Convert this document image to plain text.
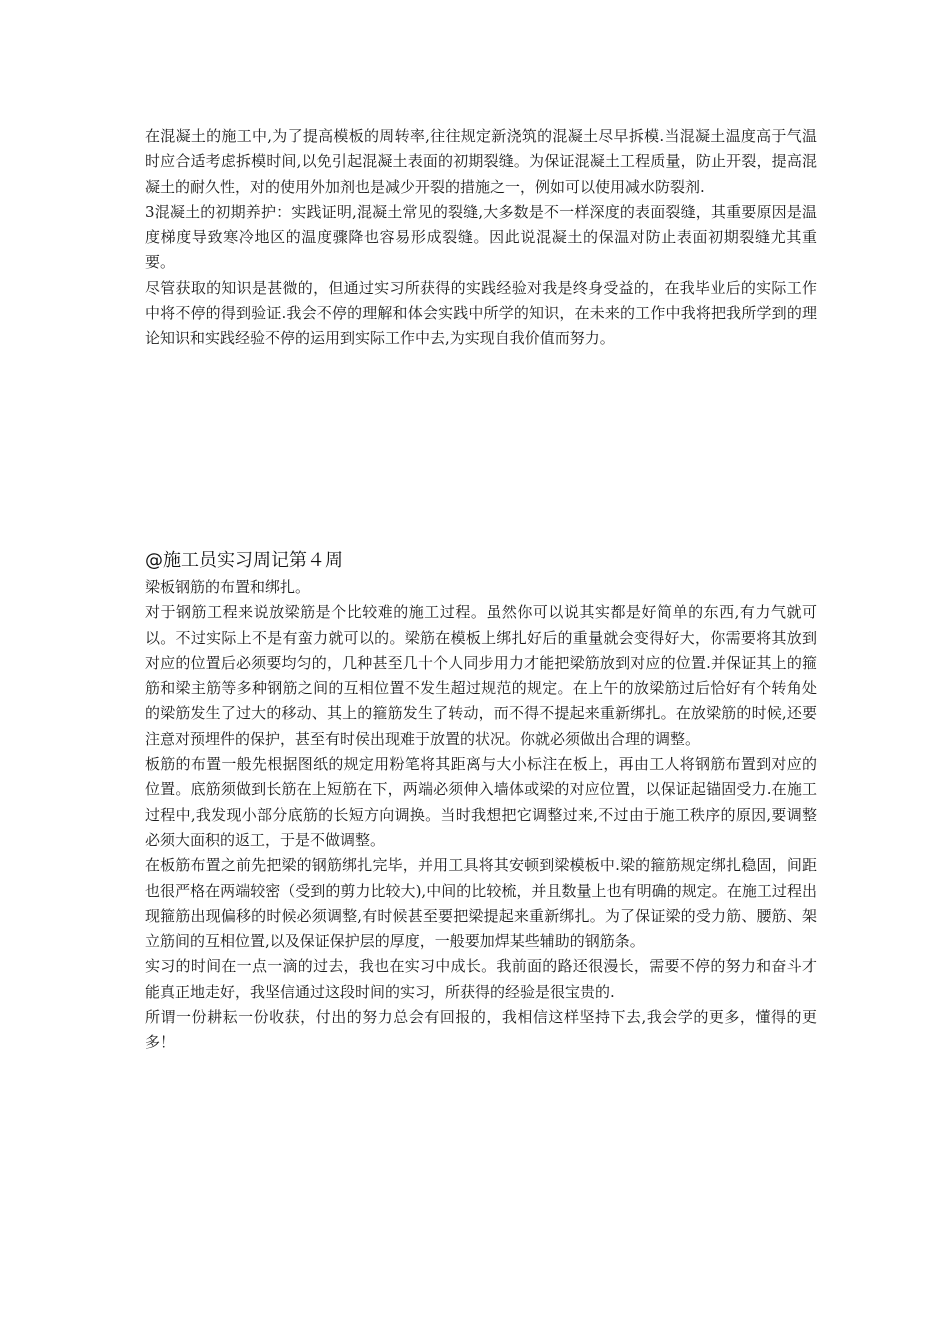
在混凝土的施工中,为了提高模板的周转率,往往规定新浇筑的混凝土尽早拆模.当混凝土温度高于气温时应合适考虑拆模时间,以免引起混凝土表面的初期裂缝。为保证混凝土工程质量，防止开裂，提高混凝土的耐久性，对的使用外加剂也是减少开裂的措施之一，例如可以使用减水防裂剂.

3混凝土的初期养护：实践证明,混凝土常见的裂缝,大多数是不一样深度的表面裂缝，其重要原因是温度梯度导致寒冷地区的温度骤降也容易形成裂缝。因此说混凝土的保温对防止表面初期裂缝尤其重要。

尽管获取的知识是甚微的，但通过实习所获得的实践经验对我是终身受益的，在我毕业后的实际工作中将不停的得到验证.我会不停的理解和体会实践中所学的知识，在未来的工作中我将把我所学到的理论知识和实践经验不停的运用到实际工作中去,为实现自我价值而努力。

@施工员实习周记第４周

梁板钢筋的布置和绑扎。

对于钢筋工程来说放梁筋是个比较难的施工过程。虽然你可以说其实都是好简单的东西,有力气就可以。不过实际上不是有蛮力就可以的。梁筋在模板上绑扎好后的重量就会变得好大，你需要将其放到对应的位置后必须要均匀的，几种甚至几十个人同步用力才能把梁筋放到对应的位置.并保证其上的箍筋和梁主筋等多种钢筋之间的互相位置不发生超过规范的规定。在上午的放梁筋过后恰好有个转角处的梁筋发生了过大的移动、其上的箍筋发生了转动，而不得不提起来重新绑扎。在放梁筋的时候,还要注意对预埋件的保护，甚至有时侯出现难于放置的状况。你就必须做出合理的调整。

板筋的布置一般先根据图纸的规定用粉笔将其距离与大小标注在板上，再由工人将钢筋布置到对应的位置。底筋须做到长筋在上短筋在下，两端必须伸入墙体或梁的对应位置，以保证起锚固受力.在施工过程中,我发现小部分底筋的长短方向调换。当时我想把它调整过来,不过由于施工秩序的原因,要调整必须大面积的返工，于是不做调整。

在板筋布置之前先把梁的钢筋绑扎完毕，并用工具将其安顿到梁模板中.梁的箍筋规定绑扎稳固，间距也很严格在两端较密（受到的剪力比较大),中间的比较梳，并且数量上也有明确的规定。在施工过程出现箍筋出现偏移的时候必须调整,有时候甚至要把梁提起来重新绑扎。为了保证梁的受力筋、腰筋、架立筋间的互相位置,以及保证保护层的厚度，一般要加焊某些辅助的钢筋条。

实习的时间在一点一滴的过去，我也在实习中成长。我前面的路还很漫长，需要不停的努力和奋斗才能真正地走好，我坚信通过这段时间的实习，所获得的经验是很宝贵的.

所谓一份耕耘一份收获，付出的努力总会有回报的，我相信这样坚持下去,我会学的更多，懂得的更多！
